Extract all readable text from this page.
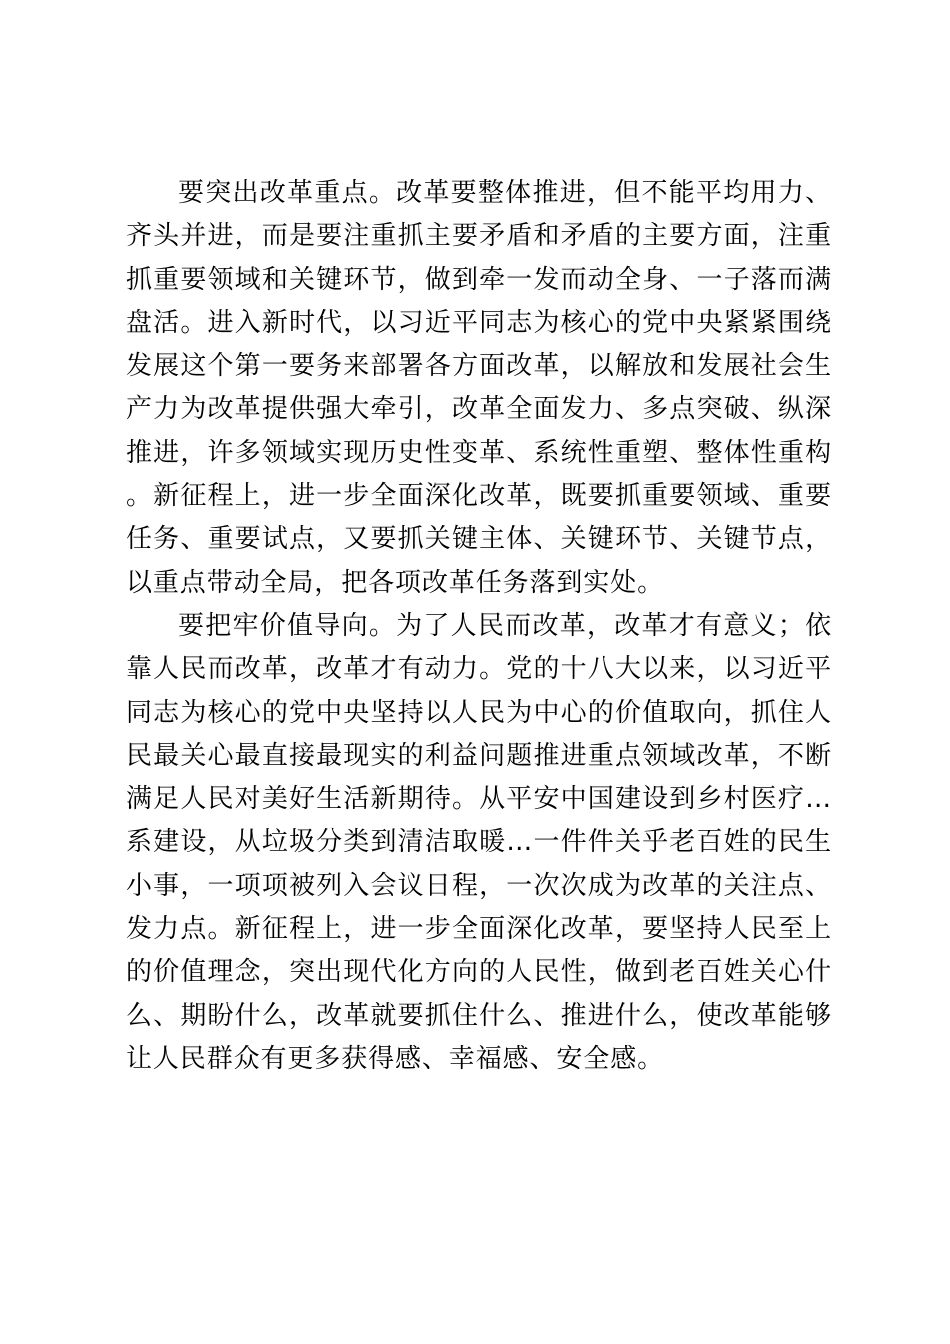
要突出改革重点。改革要整体推进，但不能平均用力、齐头并进，而是要注重抓主要矛盾和矛盾的主要方面，注重抓重要领域和关键环节，做到牵一发而动全身、一子落而满盘活。进入新时代，以习近平同志为核心的党中央紧紧围绕发展这个第一要务来部署各方面改革，以解放和发展社会生产力为改革提供强大牵引，改革全面发力、多点突破、纵深推进，许多领域实现历史性变革、系统性重塑、整体性重构。新征程上，进一步全面深化改革，既要抓重要领域、重要任务、重要试点，又要抓关键主体、关键环节、关键节点，以重点带动全局，把各项改革任务落到实处。

要把牢价值导向。为了人民而改革，改革才有意义；依靠人民而改革，改革才有动力。党的十八大以来，以习近平同志为核心的党中央坚持以人民为中心的价值取向，抓住人民最关心最直接最现实的利益问题推进重点领域改革，不断满足人民对美好生活新期待。从平安中国建设到乡村医疗…系建设，从垃圾分类到清洁取暖…一件件关乎老百姓的民生小事，一项项被列入会议日程，一次次成为改革的关注点、发力点。新征程上，进一步全面深化改革，要坚持人民至上的价值理念，突出现代化方向的人民性，做到老百姓关心什么、期盼什么，改革就要抓住什么、推进什么，使改革能够让人民群众有更多获得感、幸福感、安全感。
